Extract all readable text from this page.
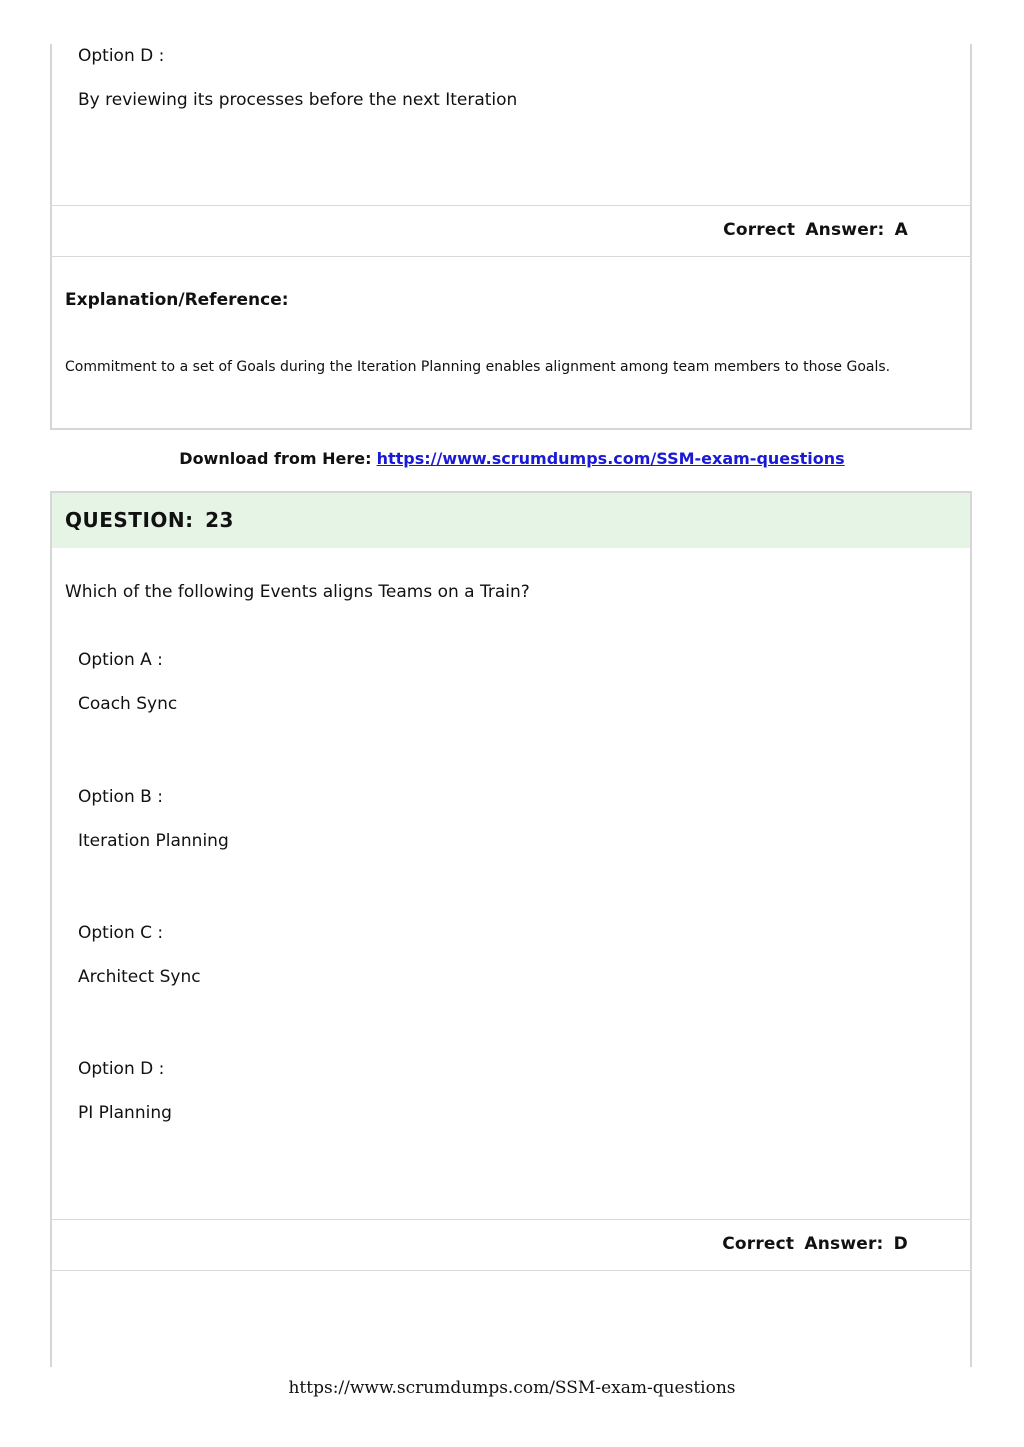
Option D :
By reviewing its processes before the next Iteration
Correct Answer: A
Explanation/Reference:
Commitment to a set of Goals during the Iteration Planning enables alignment among team members to those Goals.
Download from Here: https://www.scrumdumps.com/SSM-exam-questions
QUESTION: 23
Which of the following Events aligns Teams on a Train?
Option A :
Coach Sync
Option B :
Iteration Planning
Option C :
Architect Sync
Option D :
PI Planning
Correct Answer: D
https://www.scrumdumps.com/SSM-exam-questions
